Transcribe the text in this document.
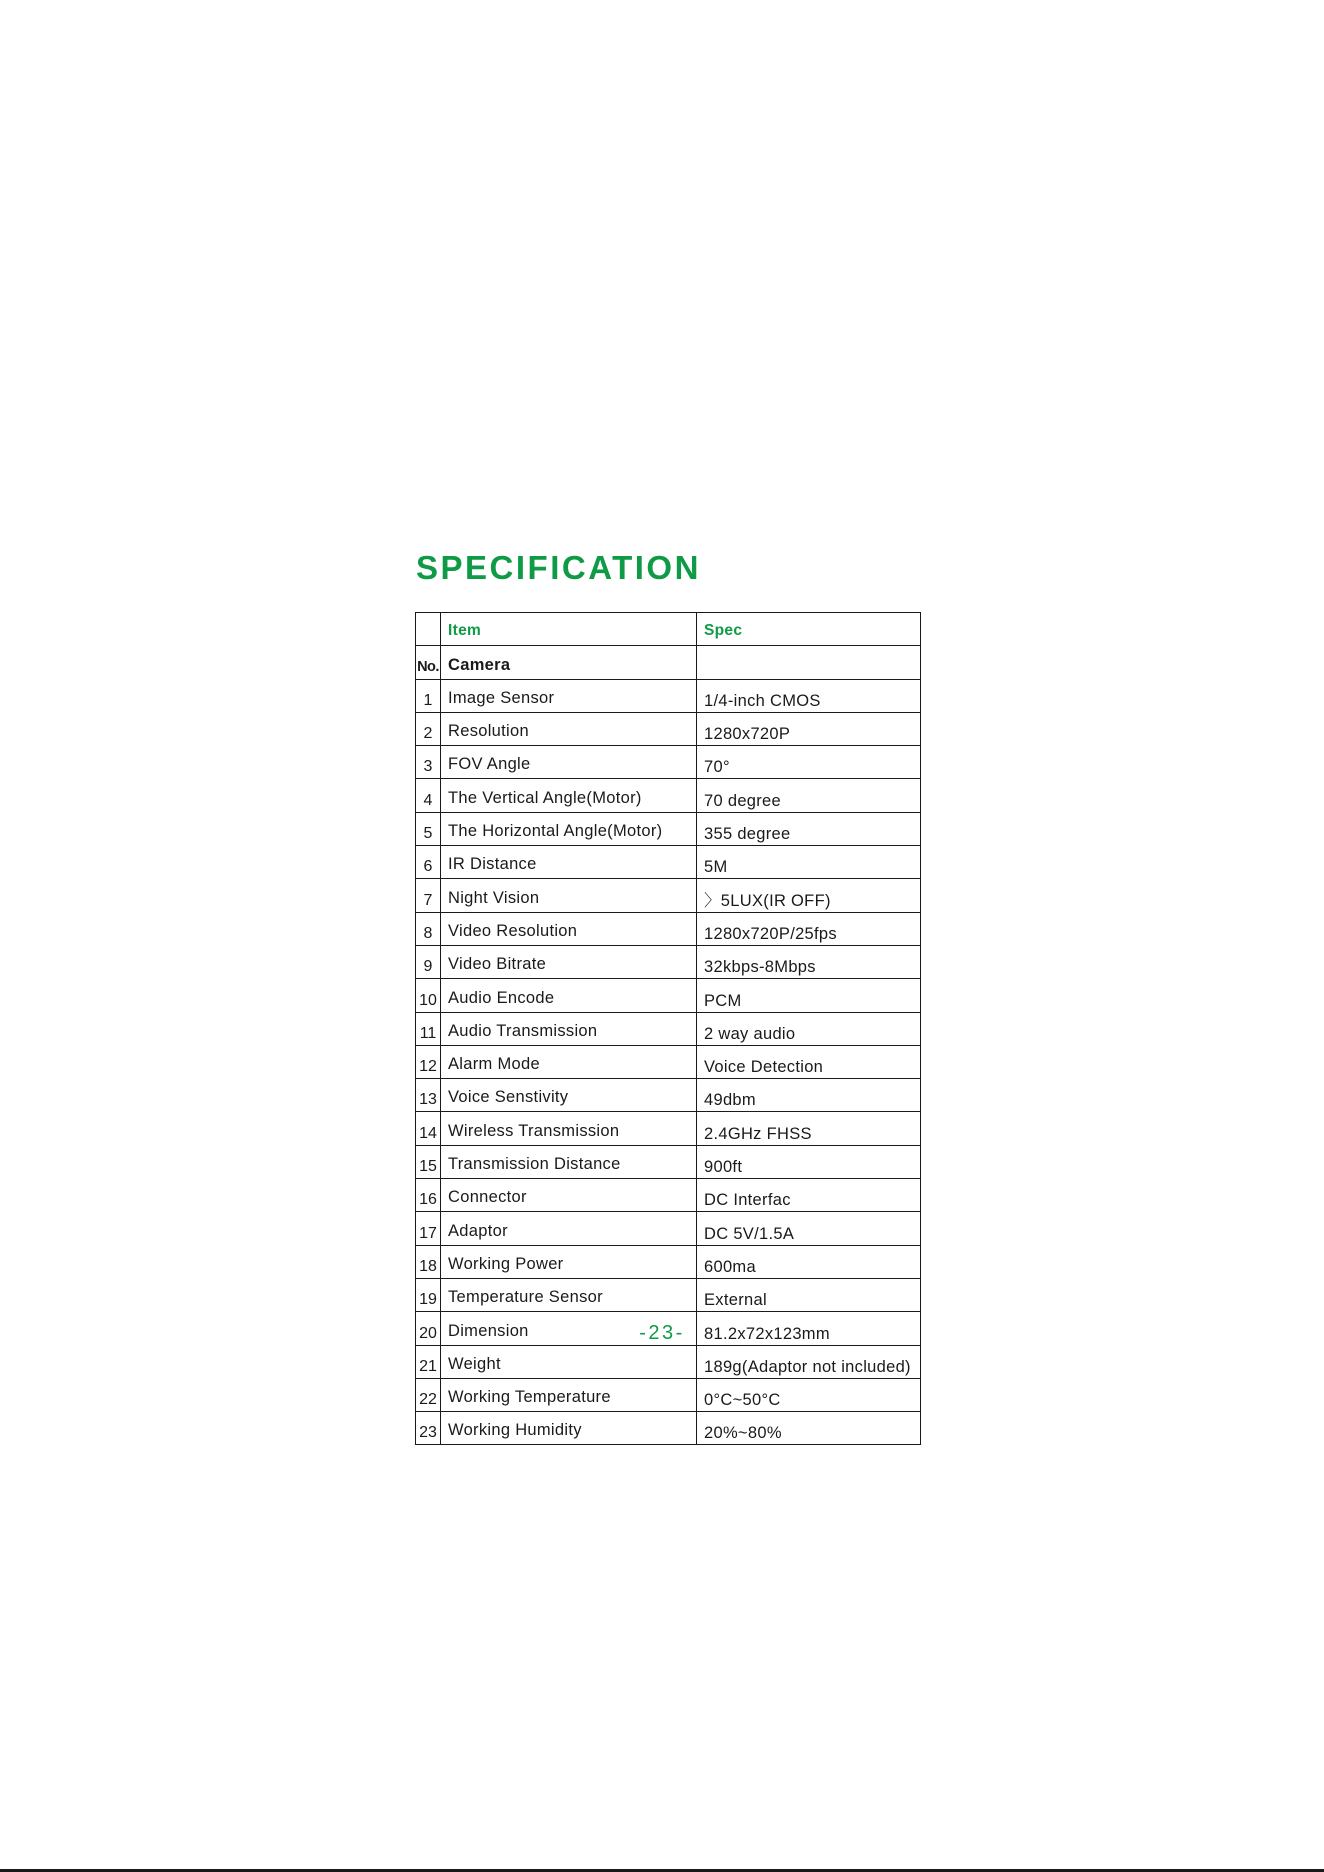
SPECIFICATION
	Item	Spec
No.	Camera	
1	Image Sensor	1/4-inch CMOS
2	Resolution	1280x720P
3	FOV Angle	70°
4	The Vertical Angle(Motor)	70 degree
5	The Horizontal Angle(Motor)	355 degree
6	IR Distance	5M
7	Night Vision	〉5LUX(IR OFF)
8	Video Resolution	1280x720P/25fps
9	Video Bitrate	32kbps-8Mbps
10	Audio Encode	PCM
11	Audio Transmission	2 way audio
12	Alarm Mode	Voice Detection
13	Voice Senstivity	49dbm
14	Wireless Transmission	2.4GHz FHSS
15	Transmission Distance	900ft
16	Connector	DC Interfac
17	Adaptor	DC 5V/1.5A
18	Working Power	600ma
19	Temperature Sensor	External
20	Dimension	81.2x72x123mm
21	Weight	189g(Adaptor not included)
22	Working Temperature	0°C~50°C
23	Working Humidity	20%~80%

-23-
